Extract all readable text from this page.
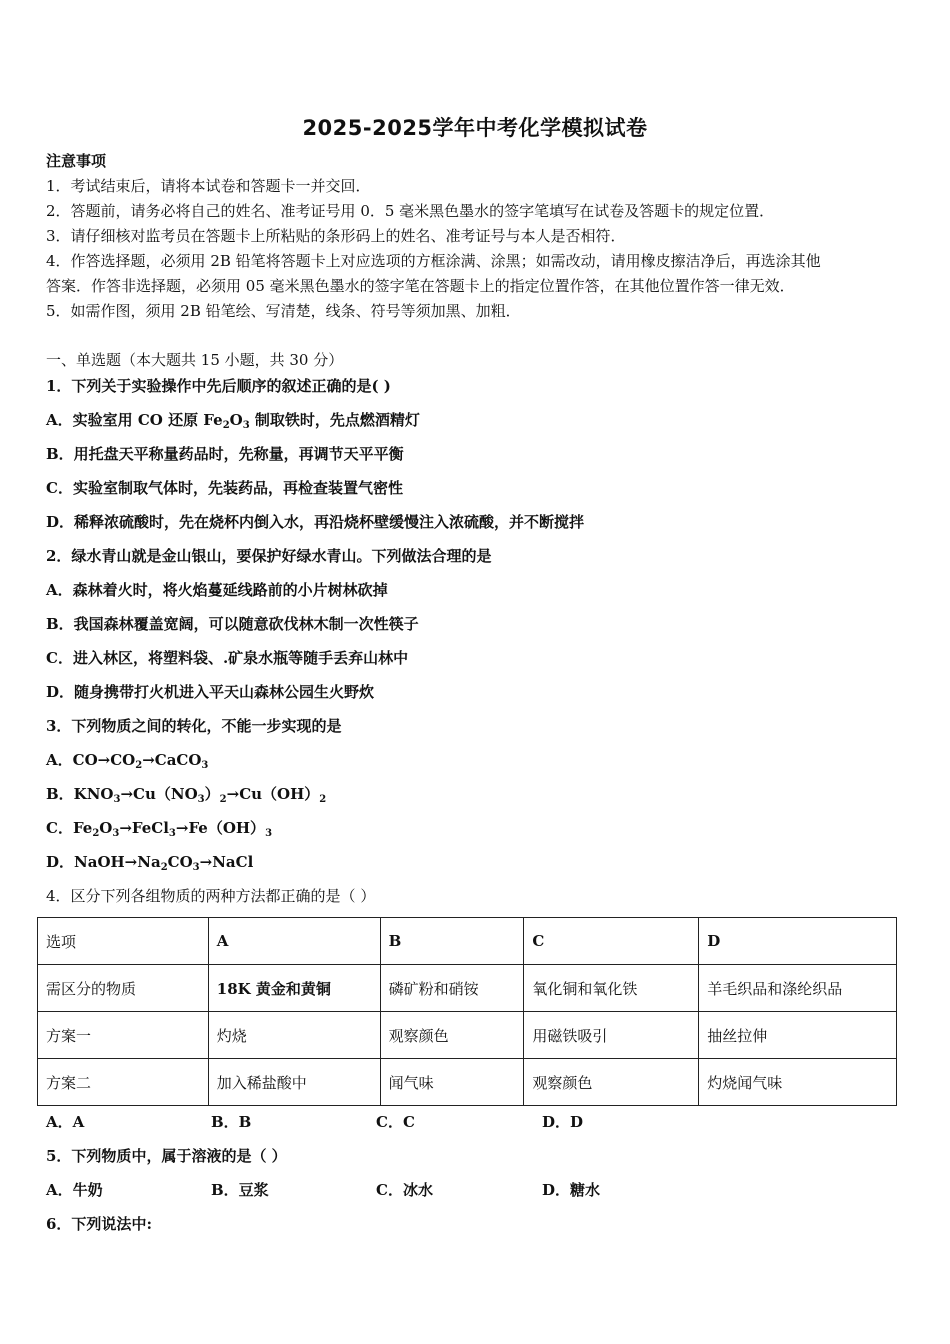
2025-2025学年中考化学模拟试卷
注意事项
1．考试结束后，请将本试卷和答题卡一并交回．
2．答题前，请务必将自己的姓名、准考证号用 0．5 毫米黑色墨水的签字笔填写在试卷及答题卡的规定位置．
3．请仔细核对监考员在答题卡上所粘贴的条形码上的姓名、准考证号与本人是否相符．
4．作答选择题，必须用 2B 铅笔将答题卡上对应选项的方框涂满、涂黑；如需改动，请用橡皮擦洁净后，再选涂其他
答案．作答非选择题，必须用 05 毫米黑色墨水的签字笔在答题卡上的指定位置作答，在其他位置作答一律无效．
5．如需作图，须用 2B 铅笔绘、写清楚，线条、符号等须加黑、加粗．
一、单选题（本大题共 15 小题，共 30 分）
1．下列关于实验操作中先后顺序的叙述正确的是( )
A．实验室用 CO 还原 $Fe_2O_3$ 制取铁时，先点燃酒精灯
B．用托盘天平称量药品时，先称量，再调节天平平衡
C．实验室制取气体时，先装药品，再检查装置气密性
D．稀释浓硫酸时，先在烧杯内倒入水，再沿烧杯壁缓慢注入浓硫酸，并不断搅拌
2．绿水青山就是金山银山，要保护好绿水青山。下列做法合理的是
A．森林着火时，将火焰蔓延线路前的小片树林砍掉
B．我国森林覆盖宽阔，可以随意砍伐林木制一次性筷子
C．进入林区，将塑料袋、.矿泉水瓶等随手丢弃山林中
D．随身携带打火机进入平天山森林公园生火野炊
3．下列物质之间的转化，不能一步实现的是
A．$CO\to CO_2\to CaCO_3$
B．$KNO_3\to Cu(NO_3)_2\to Cu(OH)_2$
C．$Fe_2O_3\to FeCl_3\to Fe(OH)_3$
D．$NaOH\to Na_2CO_3\to NaCl$
4．区分下列各组物质的两种方法都正确的是（ ）
选项	A	B	C	D
需区分的物质	18K 黄金和黄铜	磷矿粉和硝铵	氧化铜和氧化铁	羊毛织品和涤纶织品
方案一	灼烧	观察颜色	用磁铁吸引	抽丝拉伸
方案二	加入稀盐酸中	闻气味	观察颜色	灼烧闻气味
A．A	B．B	C．C	D．D
5．下列物质中，属于溶液的是（ ）
A．牛奶	B．豆浆	C．冰水	D．糖水
6．下列说法中:
